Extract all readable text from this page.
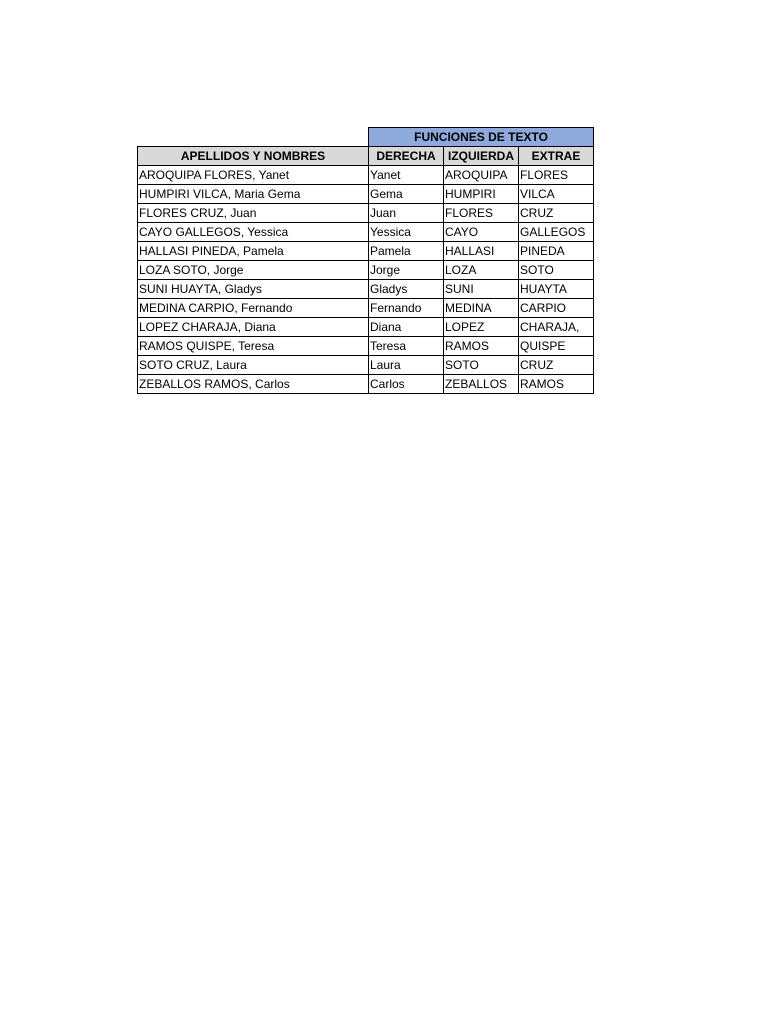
	FUNCIONES DE TEXTO		
APELLIDOS Y NOMBRES	DERECHA	IZQUIERDA	EXTRAE
AROQUIPA FLORES, Yanet	Yanet	AROQUIPA	FLORES
HUMPIRI VILCA, Maria Gema	Gema	HUMPIRI	VILCA
FLORES CRUZ, Juan	Juan	FLORES	CRUZ
CAYO GALLEGOS, Yessica	Yessica	CAYO	GALLEGOS
HALLASI PINEDA, Pamela	Pamela	HALLASI	PINEDA
LOZA SOTO, Jorge	Jorge	LOZA	SOTO
SUNI HUAYTA, Gladys	Gladys	SUNI	HUAYTA
MEDINA CARPIO, Fernando	Fernando	MEDINA	CARPIO
LOPEZ CHARAJA, Diana	Diana	LOPEZ	CHARAJA,
RAMOS QUISPE, Teresa	Teresa	RAMOS	QUISPE
SOTO CRUZ, Laura	Laura	SOTO	CRUZ
ZEBALLOS RAMOS, Carlos	Carlos	ZEBALLOS	RAMOS
